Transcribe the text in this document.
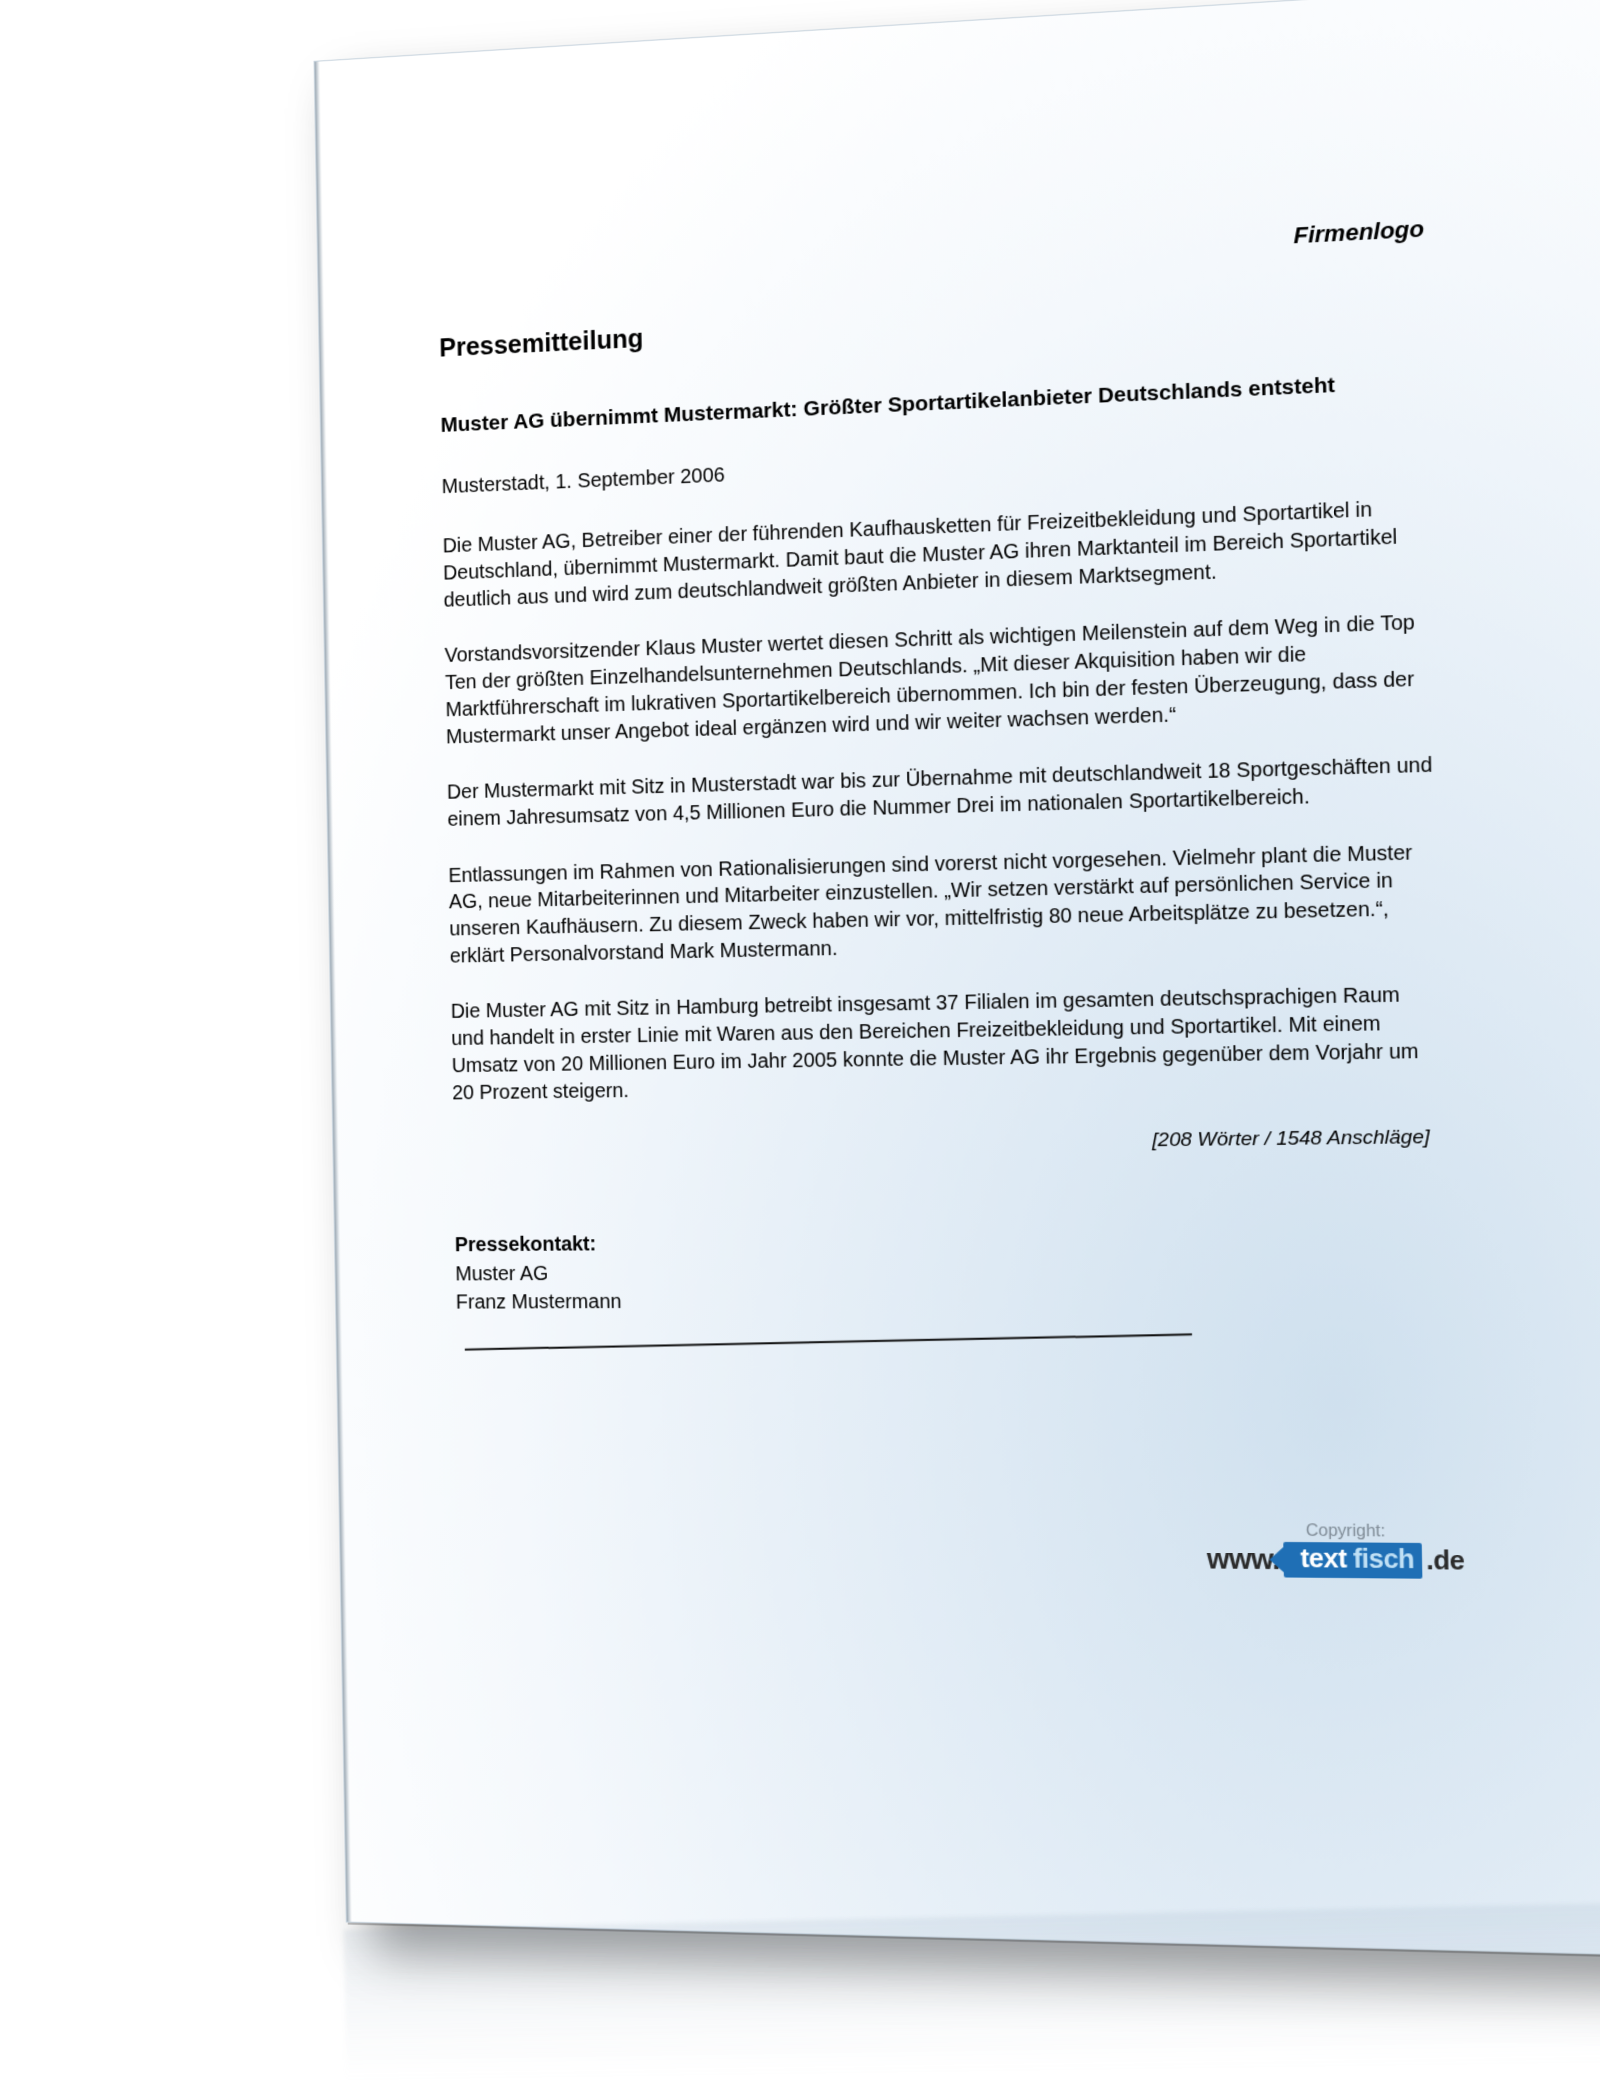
Firmenlogo
Pressemitteilung
Muster AG übernimmt Mustermarkt: Größter Sportartikelanbieter Deutschlands entsteht
Musterstadt, 1. September 2006

Die Muster AG, Betreiber einer der führenden Kaufhausketten für Freizeitbekleidung und Sportartikel in Deutschland, übernimmt Mustermarkt. Damit baut die Muster AG ihren Marktanteil im Bereich Sportartikel deutlich aus und wird zum deutschlandweit größten Anbieter in diesem Marktsegment.

Vorstandsvorsitzender Klaus Muster wertet diesen Schritt als wichtigen Meilenstein auf dem Weg in die Top Ten der größten Einzelhandelsunternehmen Deutschlands. „Mit dieser Akquisition haben wir die Marktführerschaft im lukrativen Sportartikelbereich übernommen. Ich bin der festen Überzeugung, dass der Mustermarkt unser Angebot ideal ergänzen wird und wir weiter wachsen werden.“

Der Mustermarkt mit Sitz in Musterstadt war bis zur Übernahme mit deutschlandweit 18 Sportgeschäften und einem Jahresumsatz von 4,5 Millionen Euro die Nummer Drei im nationalen Sportartikelbereich.

Entlassungen im Rahmen von Rationalisierungen sind vorerst nicht vorgesehen. Vielmehr plant die Muster AG, neue Mitarbeiterinnen und Mitarbeiter einzustellen. „Wir setzen verstärkt auf persönlichen Service in unseren Kaufhäusern. Zu diesem Zweck haben wir vor, mittelfristig 80 neue Arbeitsplätze zu besetzen.“, erklärt Personalvorstand Mark Mustermann.

Die Muster AG mit Sitz in Hamburg betreibt insgesamt 37 Filialen im gesamten deutschsprachigen Raum und handelt in erster Linie mit Waren aus den Bereichen Freizeitbekleidung und Sportartikel. Mit einem Umsatz von 20 Millionen Euro im Jahr 2005 konnte die Muster AG ihr Ergebnis gegenüber dem Vorjahr um 20 Prozent steigern.

[208 Wörter / 1548 Anschläge]
Pressekontakt:
Muster AG
Franz Mustermann
Copyright:
www. text fisch .de
